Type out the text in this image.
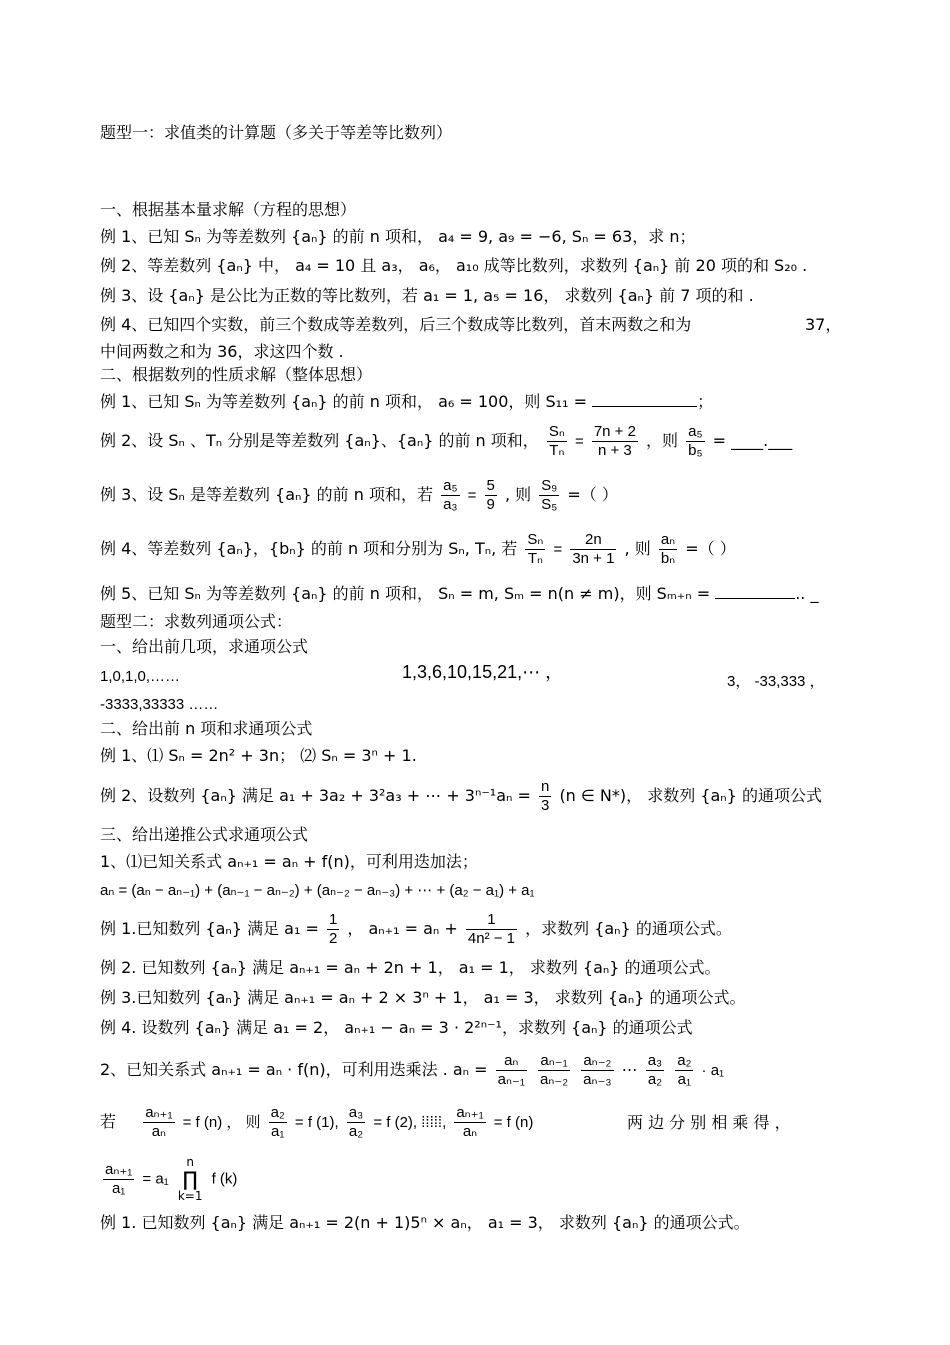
题型一：求值类的计算题（多关于等差等比数列）
一、根据基本量求解（方程的思想）
例 1、已知 Sₙ 为等差数列 {aₙ} 的前 n 项和， a₄ = 9, a₉ = −6, Sₙ = 63，求 n；
例 2、等差数列 {aₙ} 中， a₄ = 10 且 a₃， a₆， a₁₀ 成等比数列，求数列 {aₙ} 前 20 项的和 S₂₀ .
例 3、设 {aₙ} 是公比为正数的等比数列，若 a₁ = 1, a₅ = 16， 求数列 {aₙ} 前 7 项的和 .
例 4、已知四个实数，前三个数成等差数列，后三个数成等比数列，首末两数之和为	37，
中间两数之和为 36，求这四个数 .
二、根据数列的性质求解（整体思想）
例 1、已知 Sₙ 为等差数列 {aₙ} 的前 n 项和， a₆ = 100，则 S₁₁ =	；
例 2、设 Sₙ 、Tₙ 分别是等差数列 {aₙ}、{aₙ} 的前 n 项和， $\frac{\text{Sₙ}}{\text{Tₙ}} = \frac{7n + 2}{n + 3}$ ，则 $\frac{\text{a₅}}{\text{b₅}}$ = ____.___
例 3、设 Sₙ 是等差数列 {aₙ} 的前 n 项和，若 $\frac{\text{a₅}}{\text{a₃}} = \frac{5}{9}$ , 则 $\frac{\text{S₉}}{\text{S₅}}$ =（ ）
例 4、等差数列 {aₙ}，{bₙ} 的前 n 项和分别为 Sₙ, Tₙ, 若 $\frac{\text{Sₙ}}{\text{Tₙ}} = \frac{2n}{3n + 1}$ , 则 $\frac{\text{aₙ}}{\text{bₙ}}$ =（ ）
例 5、已知 Sₙ 为等差数列 {aₙ} 的前 n 项和， Sₙ = m, Sₘ = n(n ≠ m)，则 Sₘ₊ₙ =	.. _
题型二：求数列通项公式：
一、给出前几项，求通项公式
1,0,1,0,……	1,3,6,10,15,21,⋯ ，	3， -33,333 ，
-3333,33333 ……
二、给出前 n 项和求通项公式
例 1、⑴ Sₙ = 2n² + 3n； ⑵ Sₙ = 3ⁿ + 1.
例 2、设数列 {aₙ} 满足 a₁ + 3a₂ + 3²a₃ + ⋯ + $3^{n-1}a_n = \frac{n}{3} (n$ ∈ N*)， 求数列 {aₙ} 的通项公式
三、给出递推公式求通项公式
1、⑴已知关系式 aₙ₊₁ = aₙ + f(n)，可利用迭加法；
aₙ = (aₙ − aₙ₋₁) + (aₙ₋₁ − aₙ₋₂) + (aₙ₋₂ − aₙ₋₃) + ⋯ + (a₂ − a₁) + a₁
例 1.已知数列 {aₙ} 满足 $a_1 = \frac{1}{2}$ ， $a_{n+1} = a_n + \frac{1}{\text{4n² − 1}}$ ，求数列 {aₙ} 的通项公式。
例 2. 已知数列 {aₙ} 满足 aₙ₊₁ = aₙ + 2n + 1， a₁ = 1， 求数列 {aₙ} 的通项公式。
例 3.已知数列 {aₙ} 满足 aₙ₊₁ = aₙ + 2 × 3ⁿ + 1， a₁ = 3， 求数列 {aₙ} 的通项公式。
例 4. 设数列 {aₙ} 满足 a₁ = 2， aₙ₊₁ − aₙ = 3 · 2²ⁿ⁻¹，求数列 {aₙ} 的通项公式
2、已知关系式 aₙ₊₁ = aₙ · f(n)，可利用迭乘法 . $a_n = \frac{\text{aₙ}}{\text{aₙ₋₁}}$
$\frac{\text{aₙ₋₁}}{\text{aₙ₋₂}}$
$\frac{\text{aₙ₋₂}}{\text{aₙ₋₃}}$ ⋯ $\frac{\text{a₃}}{\text{a₂}}$
$\frac{\text{a₂}}{\text{a₁}} \cdot a_1$
若 $\frac{\text{aₙ₊₁}}{\text{aₙ}} = f$ (n) ， 则 $\frac{\text{a₂}}{\text{a₁}} = f$ (1), $\frac{\text{a₃}}{\text{a₂}} = f$ (2), ⁞⁞⁞⁞⁞, $\frac{\text{aₙ₊₁}}{\text{aₙ}} = f$ (n)	两 边 分 别 相 乘 得 ，
$\frac{\text{aₙ₊₁}}{\text{a₁}} = a_1$ n
∏
k=1 f (k)
例 1. 已知数列 {aₙ} 满足 aₙ₊₁ = 2(n + 1)5ⁿ × aₙ， a₁ = 3， 求数列 {aₙ} 的通项公式。
